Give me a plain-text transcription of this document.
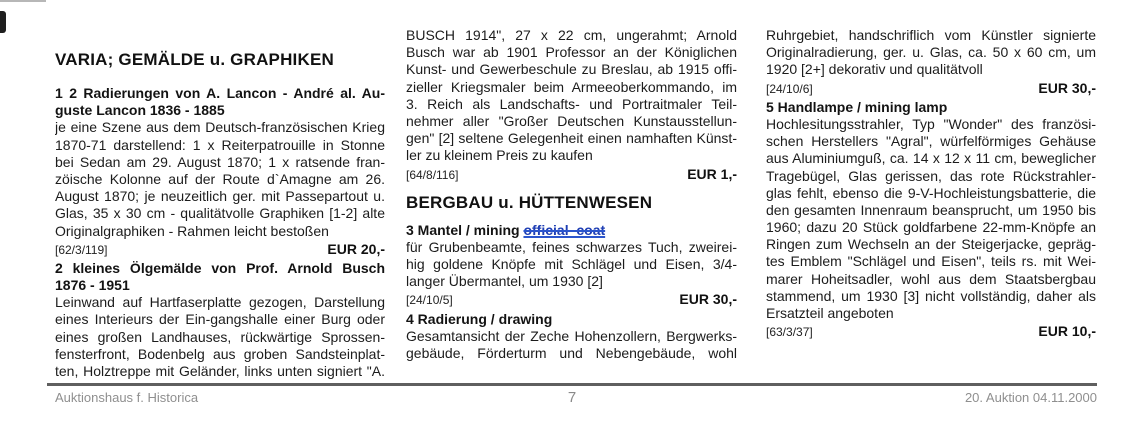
VARIA; GEMÄLDE u. GRAPHIKEN
1 2 Radierungen von A. Lancon - André al. Au-
guste Lancon 1836 - 1885
je eine Szene aus dem Deutsch-französischen Krieg
1870-71 darstellend: 1 x Reiterpatrouille in Stonne
bei Sedan am 29. August 1870; 1 x ratsende fran-
zöische Kolonne auf der Route d`Amagne am 26.
August 1870; je neuzeitlich ger. mit Passepartout u.
Glas, 35 x 30 cm - qualitätvolle Graphiken [1-2] alte
Originalgraphiken - Rahmen leicht bestoßen
[62/3/119]	EUR 20,-
2 kleines Ölgemälde von Prof. Arnold Busch
1876 - 1951
Leinwand auf Hartfaserplatte gezogen, Darstellung
eines Interieurs der Ein-gangshalle einer Burg oder
eines großen Landhauses, rückwärtige Sprossen-
fensterfront, Bodenbelg aus groben Sandsteinplat-
ten, Holztreppe mit Geländer, links unten signiert "A.
BUSCH 1914", 27 x 22 cm, ungerahmt; Arnold
Busch war ab 1901 Professor an der Königlichen
Kunst- und Gewerbeschule zu Breslau, ab 1915 offi-
zieller Kriegsmaler beim Armeeoberkommando, im
3. Reich als Landschafts- und Portraitmaler Teil-
nehmer aller "Großer Deutschen Kunstausstellun-
gen" [2] seltene Gelegenheit einen namhaften Künst-
ler zu kleinem Preis zu kaufen
[64/8/116]	EUR 1,-
BERGBAU u. HÜTTENWESEN
3 Mantel / mining official  coat
für Grubenbeamte, feines schwarzes Tuch, zweirei-
hig goldene Knöpfe mit Schlägel und Eisen, 3/4-
langer Übermantel, um 1930 [2]
[24/10/5]	EUR 30,-
4 Radierung / drawing
Gesamtansicht der Zeche Hohenzollern, Bergwerks-
gebäude, Förderturm und Nebengebäude, wohl
Ruhrgebiet, handschriflich vom Künstler signierte
Originalradierung, ger. u. Glas, ca. 50 x 60 cm, um
1920 [2+] dekorativ und qualitätvoll
[24/10/6]	EUR 30,-
5 Handlampe / mining lamp
Hochlesitungsstrahler, Typ "Wonder" des französi-
schen Herstellers "Agral", würfelförmiges Gehäuse
aus Aluminiumguß, ca. 14 x 12 x 11 cm, beweglicher
Tragebügel, Glas gerissen, das rote Rückstrahler-
glas fehlt, ebenso die 9-V-Hochleistungsbatterie, die
den gesamten Innenraum beansprucht, um 1950 bis
1960; dazu 20 Stück goldfarbene 22-mm-Knöpfe an
Ringen zum Wechseln an der Steigerjacke, gepräg-
tes Emblem "Schlägel und Eisen", teils rs. mit Wei-
marer Hoheitsadler, wohl aus dem Staatsbergbau
stammend, um 1930 [3] nicht vollständig, daher als
Ersatzteil angeboten
[63/3/37]	EUR 10,-
Auktionshaus f. Historica	7	20. Auktion 04.11.2000
